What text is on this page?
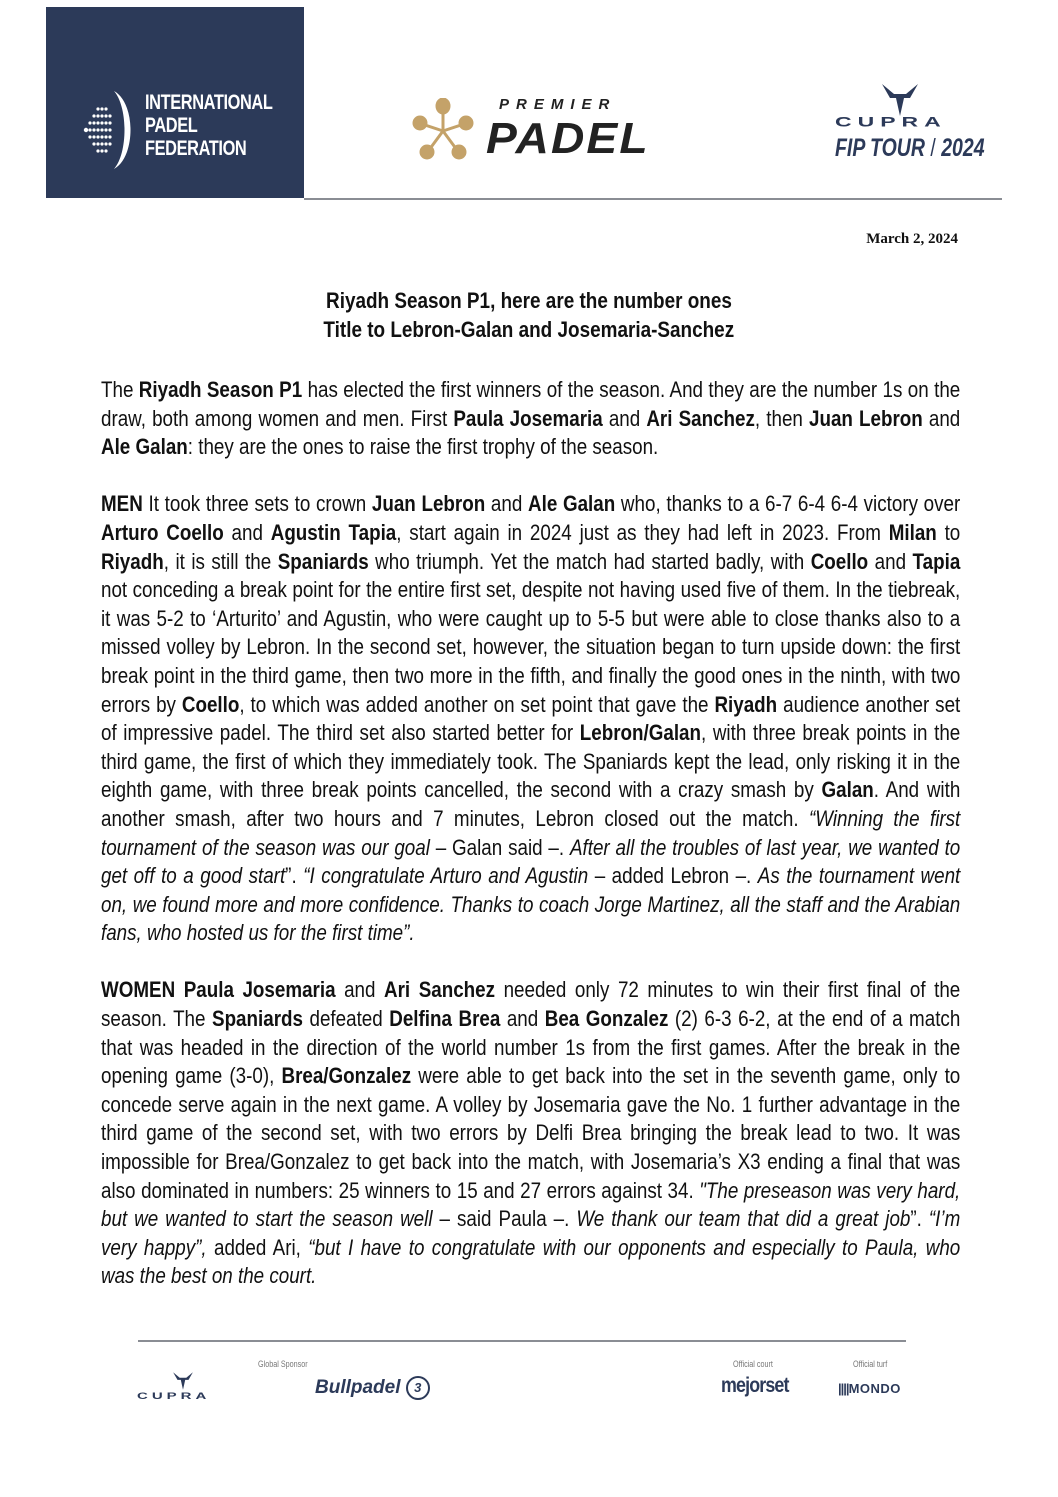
INTERNATIONAL
PADEL
FEDERATION
PREMIER
PADEL	CUPRA
FIP TOUR / 2024
March 2, 2024
Riyadh Season P1, here are the number ones
Title to Lebron-Galan and Josemaria-Sanchez

The Riyadh Season P1 has elected the first winners of the season. And they are the number 1s on the draw, both among women and men. First Paula Josemaria and Ari Sanchez, then Juan Lebron and Ale Galan: they are the ones to raise the first trophy of the season.

MEN It took three sets to crown Juan Lebron and Ale Galan who, thanks to a 6-7 6-4 6-4 victory over Arturo Coello and Agustin Tapia, start again in 2024 just as they had left in 2023. From Milan to Riyadh, it is still the Spaniards who triumph. Yet the match had started badly, with Coello and Tapia not conceding a break point for the entire first set, despite not having used five of them. In the tiebreak, it was 5-2 to ‘Arturito’ and Agustin, who were caught up to 5-5 but were able to close thanks also to a missed volley by Lebron. In the second set, however, the situation began to turn upside down: the first break point in the third game, then two more in the fifth, and finally the good ones in the ninth, with two errors by Coello, to which was added another on set point that gave the Riyadh audience another set of impressive padel. The third set also started better for Lebron/Galan, with three break points in the third game, the first of which they immediately took. The Spaniards kept the lead, only risking it in the eighth game, with three break points cancelled, the second with a crazy smash by Galan. And with another smash, after two hours and 7 minutes, Lebron closed out the match. “Winning the first tournament of the season was our goal – Galan said –. After all the troubles of last year, we wanted to get off to a good start”. “I congratulate Arturo and Agustin – added Lebron –. As the tournament went on, we found more and more confidence. Thanks to coach Jorge Martinez, all the staff and the Arabian fans, who hosted us for the first time”.

WOMEN Paula Josemaria and Ari Sanchez needed only 72 minutes to win their first final of the season. The Spaniards defeated Delfina Brea and Bea Gonzalez (2) 6-3 6-2, at the end of a match that was headed in the direction of the world number 1s from the first games. After the break in the opening game (3-0), Brea/Gonzalez were able to get back into the set in the seventh game, only to concede serve again in the next game. A volley by Josemaria gave the No. 1 further advantage in the third game of the second set, with two errors by Delfi Brea bringing the break lead to two. It was impossible for Brea/Gonzalez to get back into the match, with Josemaria’s X3 ending a final that was also dominated in numbers: 25 winners to 15 and 27 errors against 34. "The preseason was very hard, but we wanted to start the season well – said Paula –. We thank our team that did a great job”. “I’m very happy”, added Ari, “but I have to congratulate with our opponents and especially to Paula, who was the best on the court.

CUPRA
Global Sponsor
Bullpadel 3
Official court
mejorset
Official turf
||||MONDO
